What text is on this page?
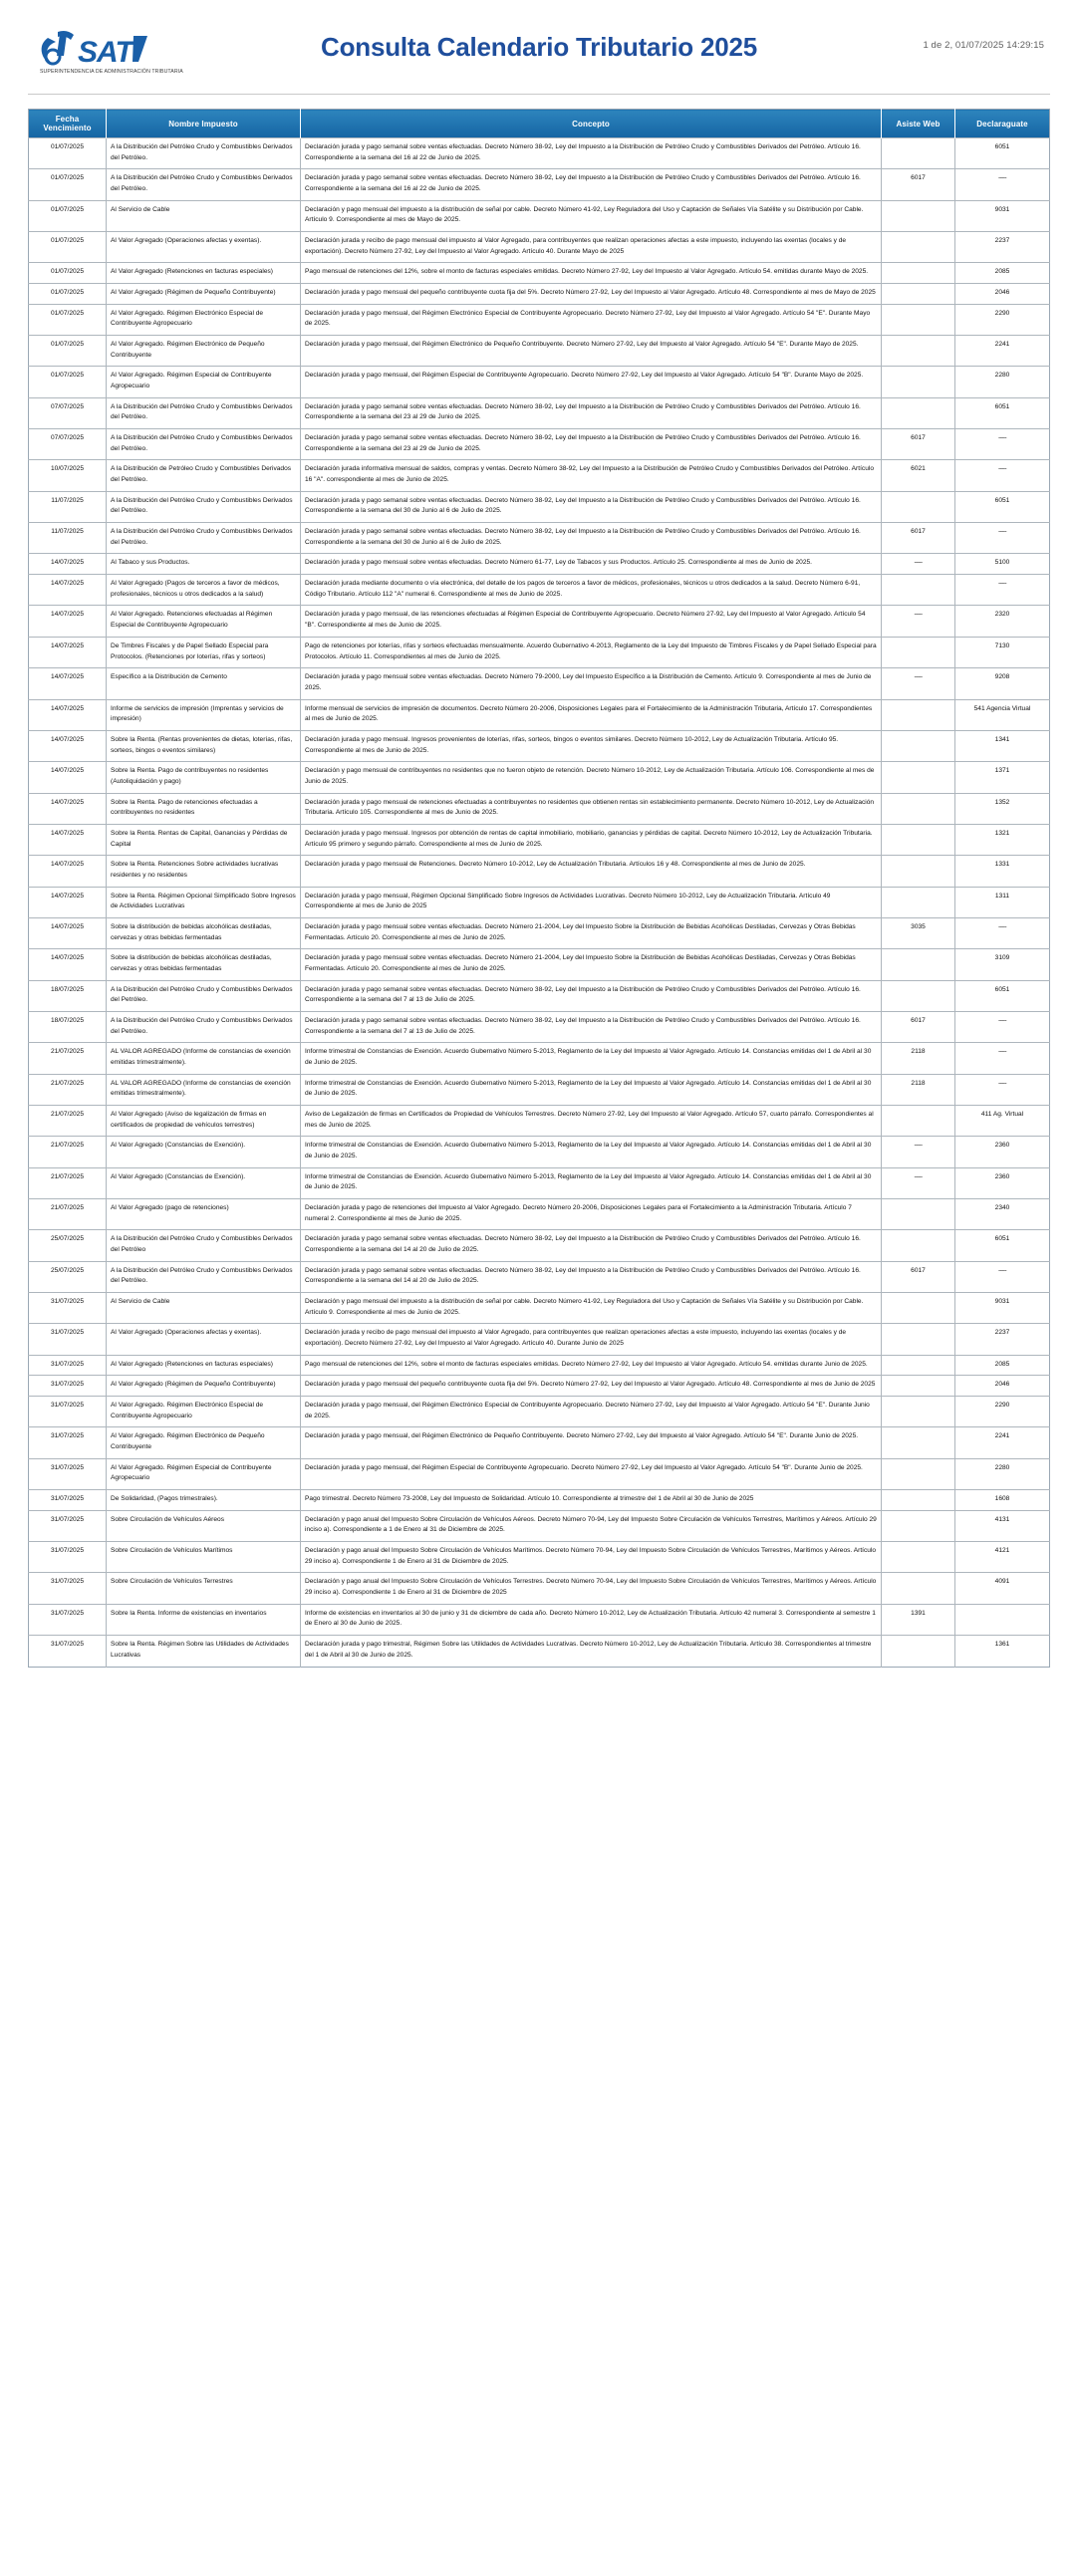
1 de 2, 01/07/2025 14:29:15
SAT
SUPERINTENDENCIA DE ADMINISTRACIÓN TRIBUTARIA
Consulta Calendario Tributario 2025
Fecha Vencimiento	Nombre Impuesto	Concepto	Asiste Web	Declaraguate
01/07/2025	A la Distribución del Petróleo Crudo y Combustibles Derivados del Petróleo.	Declaración jurada y pago semanal sobre ventas efectuadas. Decreto Número 38-92, Ley del Impuesto a la Distribución de Petróleo Crudo y Combustibles Derivados del Petróleo. Artículo 16. Correspondiente a la semana del 16 al 22 de Junio de 2025.		6051
01/07/2025	A la Distribución del Petróleo Crudo y Combustibles Derivados del Petróleo.	Declaración jurada y pago semanal sobre ventas efectuadas. Decreto Número 38-92, Ley del Impuesto a la Distribución de Petróleo Crudo y Combustibles Derivados del Petróleo. Artículo 16. Correspondiente a la semana del 16 al 22 de Junio de 2025.	6017	-----
01/07/2025	Al Servicio de Cable	Declaración y pago mensual del impuesto a la distribución de señal por cable. Decreto Número 41-92, Ley Reguladora del Uso y Captación de Señales Vía Satélite y su Distribución por Cable. Artículo 9. Correspondiente al mes de Mayo de 2025.		9031
01/07/2025	Al Valor Agregado (Operaciones afectas y exentas).	Declaración jurada y recibo de pago mensual del impuesto al Valor Agregado, para contribuyentes que realizan operaciones afectas a este impuesto, incluyendo las exentas (locales y de exportación). Decreto Número 27-92, Ley del Impuesto al Valor Agregado. Artículo 40. Durante Mayo de 2025		2237
01/07/2025	Al Valor Agregado (Retenciones en facturas especiales)	Pago mensual de retenciones del 12%, sobre el monto de facturas especiales emitidas. Decreto Número 27-92, Ley del Impuesto al Valor Agregado. Artículo 54. emitidas durante Mayo de 2025.		2085
01/07/2025	Al Valor Agregado (Régimen de Pequeño Contribuyente)	Declaración jurada y pago mensual del pequeño contribuyente cuota fija del 5%. Decreto Número 27-92, Ley del Impuesto al Valor Agregado. Artículo 48. Correspondiente al mes de Mayo de 2025		2046
01/07/2025	Al Valor Agregado. Régimen Electrónico Especial de Contribuyente Agropecuario	Declaración jurada y pago mensual, del Régimen Electrónico Especial de Contribuyente Agropecuario. Decreto Número 27-92, Ley del Impuesto al Valor Agregado. Artículo 54 "E". Durante Mayo de 2025.		2290
01/07/2025	Al Valor Agregado. Régimen Electrónico de Pequeño Contribuyente	Declaración jurada y pago mensual, del Régimen Electrónico de Pequeño Contribuyente. Decreto Número 27-92, Ley del Impuesto al Valor Agregado. Artículo 54 "E". Durante Mayo de 2025.		2241
01/07/2025	Al Valor Agregado. Régimen Especial de Contribuyente Agropecuario	Declaración jurada y pago mensual, del Régimen Especial de Contribuyente Agropecuario. Decreto Número 27-92, Ley del Impuesto al Valor Agregado. Artículo 54 "B". Durante Mayo de 2025.		2280
07/07/2025	A la Distribución del Petróleo Crudo y Combustibles Derivados del Petróleo.	Declaración jurada y pago semanal sobre ventas efectuadas. Decreto Número 38-92, Ley del Impuesto a la Distribución de Petróleo Crudo y Combustibles Derivados del Petróleo. Artículo 16. Correspondiente a la semana del 23 al 29 de Junio de 2025.		6051
07/07/2025	A la Distribución del Petróleo Crudo y Combustibles Derivados del Petróleo.	Declaración jurada y pago semanal sobre ventas efectuadas. Decreto Número 38-92, Ley del Impuesto a la Distribución de Petróleo Crudo y Combustibles Derivados del Petróleo. Artículo 16. Correspondiente a la semana del 23 al 29 de Junio de 2025.	6017	-----
10/07/2025	A la Distribución de Petróleo Crudo y Combustibles Derivados del Petróleo.	Declaración jurada informativa mensual de saldos, compras y ventas. Decreto Número 38-92, Ley del Impuesto a la Distribución de Petróleo Crudo y Combustibles Derivados del Petróleo. Artículo 16 "A". correspondiente al mes de Junio de 2025.	6021	-----
11/07/2025	A la Distribución del Petróleo Crudo y Combustibles Derivados del Petróleo.	Declaración jurada y pago semanal sobre ventas efectuadas. Decreto Número 38-92, Ley del Impuesto a la Distribución de Petróleo Crudo y Combustibles Derivados del Petróleo. Artículo 16. Correspondiente a la semana del 30 de Junio al 6 de Julio de 2025.		6051
11/07/2025	A la Distribución del Petróleo Crudo y Combustibles Derivados del Petróleo.	Declaración jurada y pago semanal sobre ventas efectuadas. Decreto Número 38-92, Ley del Impuesto a la Distribución de Petróleo Crudo y Combustibles Derivados del Petróleo. Artículo 16. Correspondiente a la semana del 30 de Junio al 6 de Julio de 2025.	6017	-----
14/07/2025	Al Tabaco y sus Productos.	Declaración jurada y pago mensual sobre ventas efectuadas. Decreto Número 61-77, Ley de Tabacos y sus Productos. Artículo 25. Correspondiente al mes de Junio de 2025.	-----	5100
14/07/2025	Al Valor Agregado (Pagos de terceros a favor de médicos, profesionales, técnicos u otros dedicados a la salud)	Declaración jurada mediante documento o vía electrónica, del detalle de los pagos de terceros a favor de médicos, profesionales, técnicos u otros dedicados a la salud. Decreto Número 6-91, Código Tributario. Artículo 112 "A" numeral 6. Correspondiente al mes de Junio de 2025.		-----
14/07/2025	Al Valor Agregado. Retenciones efectuadas al Régimen Especial de Contribuyente Agropecuario	Declaración jurada y pago mensual, de las retenciones efectuadas al Régimen Especial de Contribuyente Agropecuario. Decreto Número 27-92, Ley del Impuesto al Valor Agregado. Artículo 54 "B". Correspondiente al mes de Junio de 2025.	-----	2320
14/07/2025	De Timbres Fiscales y de Papel Sellado Especial para Protocolos. (Retenciones por loterías, rifas y sorteos)	Pago de retenciones por loterías, rifas y sorteos efectuadas mensualmente. Acuerdo Gubernativo 4-2013, Reglamento de la Ley del Impuesto de Timbres Fiscales y de Papel Sellado Especial para Protocolos. Artículo 11. Correspondientes al mes de Junio de 2025.		7130
14/07/2025	Específico a la Distribución de Cemento	Declaración jurada y pago mensual sobre ventas efectuadas. Decreto Número 79-2000, Ley del Impuesto Específico a la Distribución de Cemento. Artículo 9. Correspondiente al mes de Junio de 2025.	-----	9208
14/07/2025	Informe de servicios de impresión (Imprentas y servicios de impresión)	Informe mensual de servicios de impresión de documentos. Decreto Número 20-2006, Disposiciones Legales para el Fortalecimiento de la Administración Tributaria, Artículo 17. Correspondientes al mes de Junio de 2025.		541 Agencia Virtual
14/07/2025	Sobre la Renta. (Rentas provenientes de dietas, loterías, rifas, sorteos, bingos o eventos similares)	Declaración jurada y pago mensual. Ingresos provenientes de loterías, rifas, sorteos, bingos o eventos similares. Decreto Número 10-2012, Ley de Actualización Tributaria. Artículo 95. Correspondiente al mes de Junio de 2025.		1341
14/07/2025	Sobre la Renta. Pago de contribuyentes no residentes (Autoliquidación y pago)	Declaración y pago mensual de contribuyentes no residentes que no fueron objeto de retención. Decreto Número 10-2012, Ley de Actualización Tributaria. Artículo 106. Correspondiente al mes de Junio de 2025.		1371
14/07/2025	Sobre la Renta. Pago de retenciones efectuadas a contribuyentes no residentes	Declaración jurada y pago mensual de retenciones efectuadas a contribuyentes no residentes que obtienen rentas sin establecimiento permanente. Decreto Número 10-2012, Ley de Actualización Tributaria. Artículo 105. Correspondiente al mes de Junio de 2025.		1352
14/07/2025	Sobre la Renta. Rentas de Capital, Ganancias y Pérdidas de Capital	Declaración jurada y pago mensual. Ingresos por obtención de rentas de capital inmobiliario, mobiliario, ganancias y pérdidas de capital. Decreto Número 10-2012, Ley de Actualización Tributaria. Artículo 95 primero y segundo párrafo. Correspondiente al mes de Junio de 2025.		1321
14/07/2025	Sobre la Renta. Retenciones Sobre actividades lucrativas residentes y no residentes	Declaración jurada y pago mensual de Retenciones. Decreto Número 10-2012, Ley de Actualización Tributaria. Artículos 16 y 48. Correspondiente al mes de Junio de 2025.		1331
14/07/2025	Sobre la Renta. Régimen Opcional Simplificado Sobre Ingresos de Actividades Lucrativas	Declaración jurada y pago mensual, Régimen Opcional Simplificado Sobre Ingresos de Actividades Lucrativas. Decreto Número 10-2012, Ley de Actualización Tributaria. Artículo 49 Correspondiente al mes de Junio de 2025		1311
14/07/2025	Sobre la distribución de bebidas alcohólicas destiladas, cervezas y otras bebidas fermentadas	Declaración jurada y pago mensual sobre ventas efectuadas. Decreto Número 21-2004, Ley del Impuesto Sobre la Distribución de Bebidas Acohólicas Destiladas, Cervezas y Otras Bebidas Fermentadas. Artículo 20. Correspondiente al mes de Junio de 2025.	3035	-----
14/07/2025	Sobre la distribución de bebidas alcohólicas destiladas, cervezas y otras bebidas fermentadas	Declaración jurada y pago mensual sobre ventas efectuadas. Decreto Número 21-2004, Ley del Impuesto Sobre la Distribución de Bebidas Acohólicas Destiladas, Cervezas y Otras Bebidas Fermentadas. Artículo 20. Correspondiente al mes de Junio de 2025.		3109
18/07/2025	A la Distribución del Petróleo Crudo y Combustibles Derivados del Petróleo.	Declaración jurada y pago semanal sobre ventas efectuadas. Decreto Número 38-92, Ley del Impuesto a la Distribución de Petróleo Crudo y Combustibles Derivados del Petróleo. Artículo 16. Correspondiente a la semana del 7 al 13 de Julio de 2025.		6051
18/07/2025	A la Distribución del Petróleo Crudo y Combustibles Derivados del Petróleo.	Declaración jurada y pago semanal sobre ventas efectuadas. Decreto Número 38-92, Ley del Impuesto a la Distribución de Petróleo Crudo y Combustibles Derivados del Petróleo. Artículo 16. Correspondiente a la semana del 7 al 13 de Julio de 2025.	6017	-----
21/07/2025	AL VALOR AGREGADO (Informe de constancias de exención emitidas trimestralmente).	Informe trimestral de Constancias de Exención. Acuerdo Gubernativo Número 5-2013, Reglamento de la Ley del Impuesto al Valor Agregado. Artículo 14. Constancias emitidas del 1 de Abril al 30 de Junio de 2025.	2118	-----
21/07/2025	AL VALOR AGREGADO (Informe de constancias de exención emitidas trimestralmente).	Informe trimestral de Constancias de Exención. Acuerdo Gubernativo Número 5-2013, Reglamento de la Ley del Impuesto al Valor Agregado. Artículo 14. Constancias emitidas del 1 de Abril al 30 de Junio de 2025.	2118	-----
21/07/2025	Al Valor Agregado (Aviso de legalización de firmas en certificados de propiedad de vehículos terrestres)	Aviso de Legalización de firmas en Certificados de Propiedad de Vehículos Terrestres. Decreto Número 27-92, Ley del Impuesto al Valor Agregado. Artículo 57, cuarto párrafo. Correspondientes al mes de Junio de 2025.		411 Ag. Virtual
21/07/2025	Al Valor Agregado (Constancias de Exención).	Informe trimestral de Constancias de Exención. Acuerdo Gubernativo Número 5-2013, Reglamento de la Ley del Impuesto al Valor Agregado. Artículo 14. Constancias emitidas del 1 de Abril al 30 de Junio de 2025.	-----	2360
21/07/2025	Al Valor Agregado (Constancias de Exención).	Informe trimestral de Constancias de Exención. Acuerdo Gubernativo Número 5-2013, Reglamento de la Ley del Impuesto al Valor Agregado. Artículo 14. Constancias emitidas del 1 de Abril al 30 de Junio de 2025.	-----	2360
21/07/2025	Al Valor Agregado (pago de retenciones)	Declaración jurada y pago de retenciones del Impuesto al Valor Agregado. Decreto Número 20-2006, Disposiciones Legales para el Fortalecimiento a la Administración Tributaria. Artículo 7 numeral 2. Correspondiente al mes de Junio de 2025.		2340
25/07/2025	A la Distribución del Petróleo Crudo y Combustibles Derivados del Petróleo	Declaración jurada y pago semanal sobre ventas efectuadas. Decreto Número 38-92, Ley del Impuesto a la Distribución de Petróleo Crudo y Combustibles Derivados del Petróleo. Artículo 16. Correspondiente a la semana del 14 al 20 de Julio de 2025.		6051
25/07/2025	A la Distribución del Petróleo Crudo y Combustibles Derivados del Petróleo.	Declaración jurada y pago semanal sobre ventas efectuadas. Decreto Número 38-92, Ley del Impuesto a la Distribución de Petróleo Crudo y Combustibles Derivados del Petróleo. Artículo 16. Correspondiente a la semana del 14 al 20 de Julio de 2025.	6017	-----
31/07/2025	Al Servicio de Cable	Declaración y pago mensual del impuesto a la distribución de señal por cable. Decreto Número 41-92, Ley Reguladora del Uso y Captación de Señales Vía Satélite y su Distribución por Cable. Artículo 9. Correspondiente al mes de Junio de 2025.		9031
31/07/2025	Al Valor Agregado (Operaciones afectas y exentas).	Declaración jurada y recibo de pago mensual del impuesto al Valor Agregado, para contribuyentes que realizan operaciones afectas a este impuesto, incluyendo las exentas (locales y de exportación). Decreto Número 27-92, Ley del Impuesto al Valor Agregado. Artículo 40. Durante Junio de 2025		2237
31/07/2025	Al Valor Agregado (Retenciones en facturas especiales)	Pago mensual de retenciones del 12%, sobre el monto de facturas especiales emitidas. Decreto Número 27-92, Ley del Impuesto al Valor Agregado. Artículo 54. emitidas durante Junio de 2025.		2085
31/07/2025	Al Valor Agregado (Régimen de Pequeño Contribuyente)	Declaración jurada y pago mensual del pequeño contribuyente cuota fija del 5%. Decreto Número 27-92, Ley del Impuesto al Valor Agregado. Artículo 48. Correspondiente al mes de Junio de 2025		2046
31/07/2025	Al Valor Agregado. Régimen Electrónico Especial de Contribuyente Agropecuario	Declaración jurada y pago mensual, del Régimen Electrónico Especial de Contribuyente Agropecuario. Decreto Número 27-92, Ley del Impuesto al Valor Agregado. Artículo 54 "E". Durante Junio de 2025.		2290
31/07/2025	Al Valor Agregado. Régimen Electrónico de Pequeño Contribuyente	Declaración jurada y pago mensual, del Régimen Electrónico de Pequeño Contribuyente. Decreto Número 27-92, Ley del Impuesto al Valor Agregado. Artículo 54 "E". Durante Junio de 2025.		2241
31/07/2025	Al Valor Agregado. Régimen Especial de Contribuyente Agropecuario	Declaración jurada y pago mensual, del Régimen Especial de Contribuyente Agropecuario. Decreto Número 27-92, Ley del Impuesto al Valor Agregado. Artículo 54 "B". Durante Junio de 2025.		2280
31/07/2025	De Solidaridad, (Pagos trimestrales).	Pago trimestral. Decreto Número 73-2008, Ley del Impuesto de Solidaridad. Artículo 10. Correspondiente al trimestre del 1 de Abril al 30 de Junio de 2025		1608
31/07/2025	Sobre Circulación de Vehículos Aéreos	Declaración y pago anual del Impuesto Sobre Circulación de Vehículos Aéreos. Decreto Número 70-94, Ley del Impuesto Sobre Circulación de Vehículos Terrestres, Marítimos y Aéreos. Artículo 29 inciso a). Correspondiente a 1 de Enero al 31 de Diciembre de 2025.		4131
31/07/2025	Sobre Circulación de Vehículos Marítimos	Declaración y pago anual del Impuesto Sobre Circulación de Vehículos Marítimos. Decreto Número 70-94, Ley del Impuesto Sobre Circulación de Vehículos Terrestres, Marítimos y Aéreos. Artículo 29 inciso a). Correspondiente 1 de Enero al 31 de Diciembre de 2025.		4121
31/07/2025	Sobre Circulación de Vehículos Terrestres	Declaración y pago anual del Impuesto Sobre Circulación de Vehículos Terrestres. Decreto Número 70-94, Ley del Impuesto Sobre Circulación de Vehículos Terrestres, Marítimos y Aéreos. Artículo 29 inciso a). Correspondiente 1 de Enero al 31 de Diciembre de 2025		4091
31/07/2025	Sobre la Renta. Informe de existencias en inventarios	Informe de existencias en inventarios al 30 de junio y 31 de diciembre de cada año. Decreto Número 10-2012, Ley de Actualización Tributaria. Artículo 42 numeral 3. Correspondiente al semestre 1 de Enero al 30 de Junio de 2025.	1391	
31/07/2025	Sobre la Renta. Régimen Sobre las Utilidades de Actividades Lucrativas	Declaración jurada y pago trimestral, Régimen Sobre las Utilidades de Actividades Lucrativas. Decreto Número 10-2012, Ley de Actualización Tributaria. Artículo 38. Correspondientes al trimestre del 1 de Abril al 30 de Junio de 2025.		1361
